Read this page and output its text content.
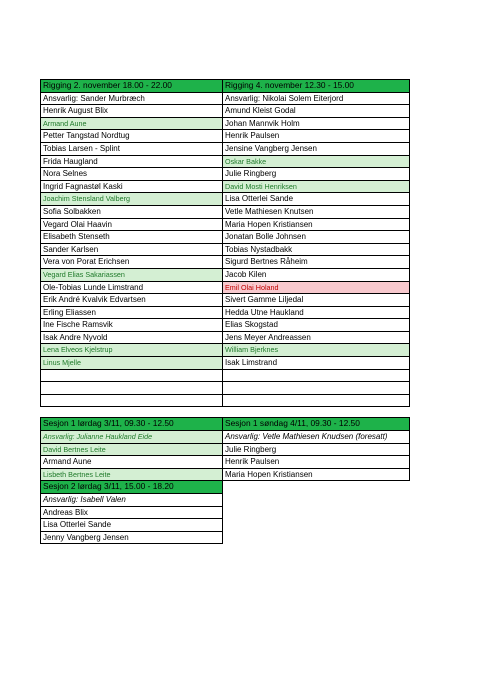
Rigging 2. november 18.00 - 22.00	Rigging 4. november 12.30 - 15.00
Ansvarlig: Sander Murbræch	Ansvarlig: Nikolai Solem Eiterjord
Henrik August Blix	Amund Kleist Godal
Armand Aune	Johan Mannvik Holm
Petter Tangstad Nordtug	Henrik Paulsen
Tobias Larsen - Splint	Jensine Vangberg Jensen
Frida Haugland	Oskar Bakke
Nora Selnes	Julie Ringberg
Ingrid Fagnastøl Kaski	David Mosti Henriksen
Joachim Stensland Valberg	Lisa Otterlei Sande
Sofia Solbakken	Vetle Mathiesen Knutsen
Vegard Olai Haavin	Maria Hopen Kristiansen
Elisabeth Stenseth	Jonatan Bolle Johnsen
Sander Karlsen	Tobias Nystadbakk
Vera von Porat Erichsen	Sigurd Bertnes Råheim
Vegard Elias Sakariassen	Jacob Kilen
Ole-Tobias Lunde Limstrand	Emil Olai Holand
Erik André Kvalvik Edvartsen	Sivert Gamme Liljedal
Erling Eliassen	Hedda Utne Haukland
Ine Fische Ramsvik	Elias Skogstad
Isak Andre Nyvold	Jens Meyer Andreassen
Lena Elveos Kjelstrup	William Bjerknes
Linus Mjelle	Isak Limstrand
Sesjon 1 lørdag 3/11, 09.30 - 12.50	Sesjon 1 søndag 4/11, 09.30 - 12.50
Ansvarlig: Julianne Haukland Eide	Ansvarlig: Vetle Mathiesen Knudsen (foresatt)
David Bertnes Leite	Julie Ringberg
Armand Aune	Henrik Paulsen
Lisbeth Bertnes Leite	Maria Hopen Kristiansen
Sesjon 2 lørdag 3/11, 15.00 - 18.20
Ansvarlig: Isabell Valen
Andreas Blix
Lisa Otterlei Sande
Jenny Vangberg Jensen
